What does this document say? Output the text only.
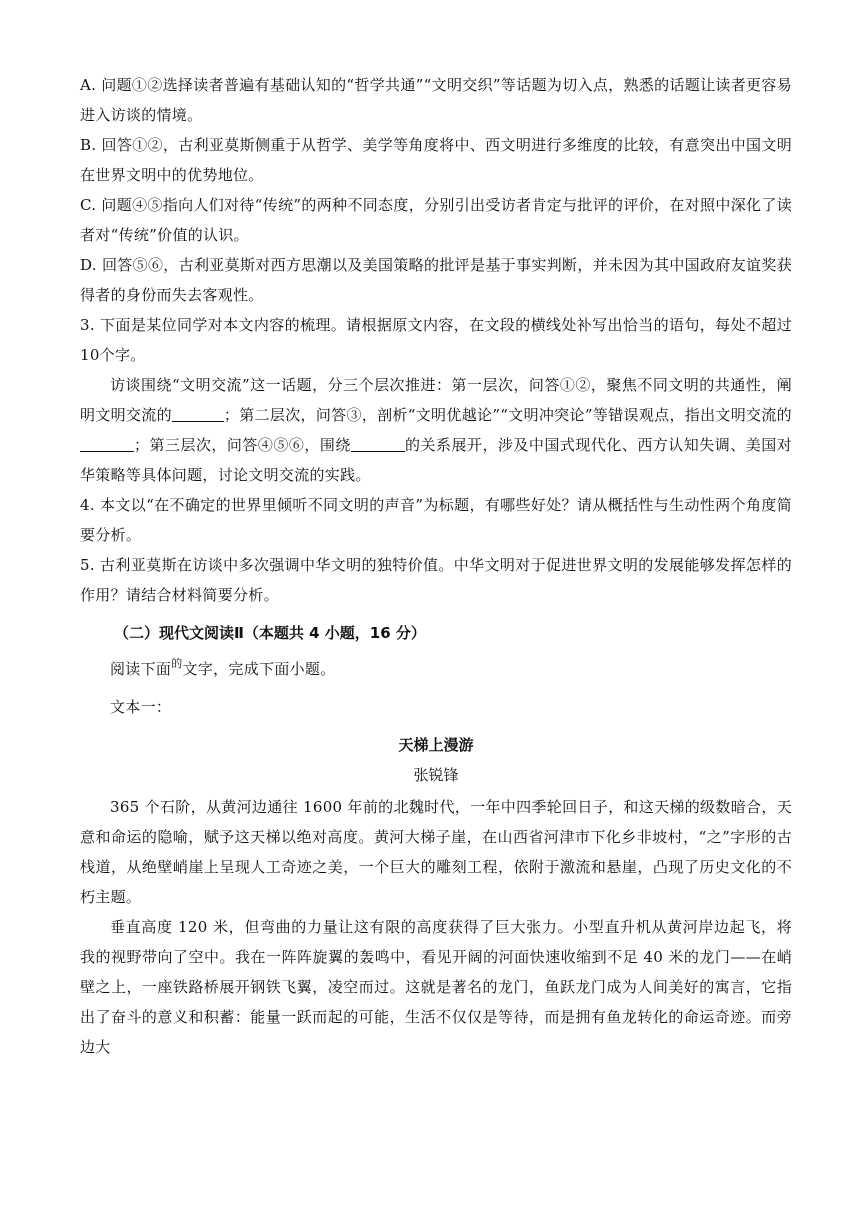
A. 问题①②选择读者普遍有基础认知的“哲学共通”“文明交织”等话题为切入点，熟悉的话题让读者更容易进入访谈的情境。

B. 回答①②，古利亚莫斯侧重于从哲学、美学等角度将中、西文明进行多维度的比较，有意突出中国文明在世界文明中的优势地位。

C. 问题④⑤指向人们对待“传统”的两种不同态度，分别引出受访者肯定与批评的评价，在对照中深化了读者对“传统”价值的认识。

D. 回答⑤⑥，古利亚莫斯对西方思潮以及美国策略的批评是基于事实判断，并未因为其中国政府友谊奖获得者的身份而失去客观性。

3. 下面是某位同学对本文内容的梳理。请根据原文内容，在文段的横线处补写出恰当的语句，每处不超过10个字。

访谈围绕“文明交流”这一话题，分三个层次推进：第一层次，问答①②，聚焦不同文明的共通性，阐明文明交流的	；第二层次，问答③，剖析“文明优越论”“文明冲突论”等错误观点，指出文明交流的；第三层次，问答④⑤⑥，围绕	的关系展开，涉及中国式现代化、西方认知失调、美国对华策略等具体问题，讨论文明交流的实践。

4. 本文以“在不确定的世界里倾听不同文明的声音”为标题，有哪些好处？请从概括性与生动性两个角度简要分析。

5. 古利亚莫斯在访谈中多次强调中华文明的独特价值。中华文明对于促进世界文明的发展能够发挥怎样的作用？请结合材料简要分析。

（二）现代文阅读Ⅱ（本题共 4 小题，16 分）

阅读下面$^的$文字，完成下面小题。

文本一：

天梯上漫游
张锐锋

365 个石阶，从黄河边通往 1600 年前的北魏时代，一年中四季轮回日子，和这天梯的级数暗合，天意和命运的隐喻，赋予这天梯以绝对高度。黄河大梯子崖，在山西省河津市下化乡非坡村，“之”字形的古栈道，从绝壁峭崖上呈现人工奇迹之美，一个巨大的雕刻工程，依附于激流和悬崖，凸现了历史文化的不朽主题。

垂直高度 120 米，但弯曲的力量让这有限的高度获得了巨大张力。小型直升机从黄河岸边起飞，将我的视野带向了空中。我在一阵阵旋翼的轰鸣中，看见开阔的河面快速收缩到不足 40 米的龙门——在峭壁之上，一座铁路桥展开钢铁飞翼，凌空而过。这就是著名的龙门，鱼跃龙门成为人间美好的寓言，它指出了奋斗的意义和积蓄：能量一跃而起的可能，生活不仅仅是等待，而是拥有鱼龙转化的命运奇迹。而旁边大
